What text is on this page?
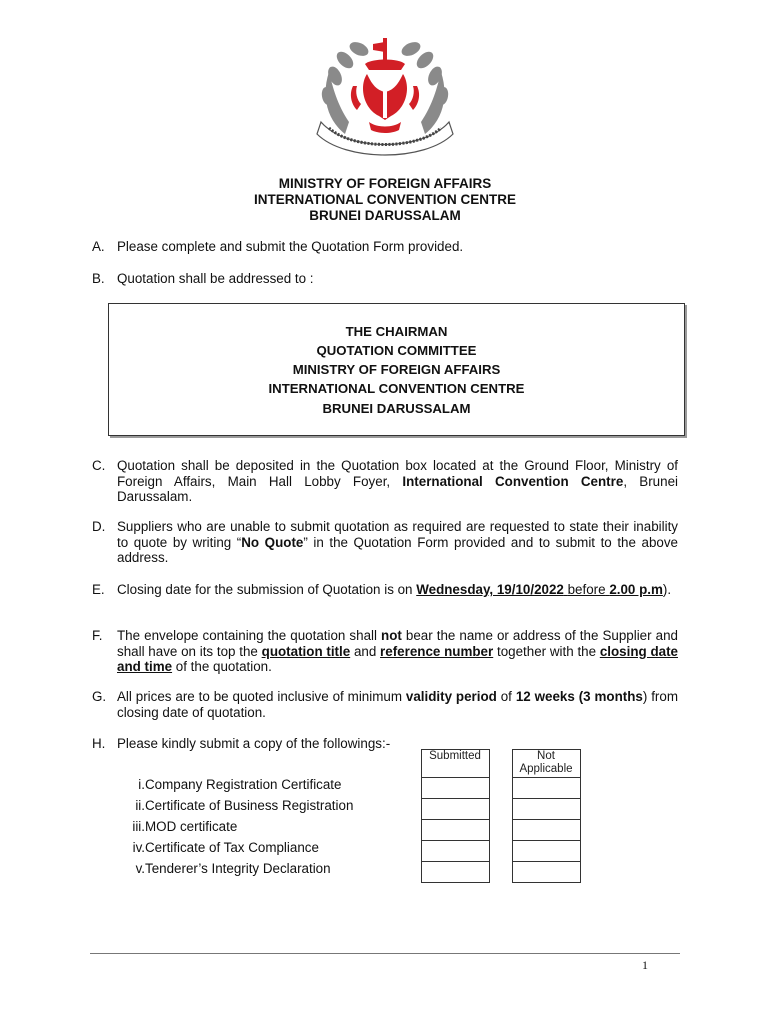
MINISTRY OF FOREIGN AFFAIRS
INTERNATIONAL CONVENTION CENTRE
BRUNEI DARUSSALAM
A. Please complete and submit the Quotation Form provided.
B. Quotation shall be addressed to :
THE CHAIRMAN
QUOTATION COMMITTEE
MINISTRY OF FOREIGN AFFAIRS
INTERNATIONAL CONVENTION CENTRE
BRUNEI DARUSSALAM
C. Quotation shall be deposited in the Quotation box located at the Ground Floor, Ministry of Foreign Affairs, Main Hall Lobby Foyer, International Convention Centre, Brunei Darussalam.
D. Suppliers who are unable to submit quotation as required are requested to state their inability to quote by writing “No Quote” in the Quotation Form provided and to submit to the above address.
E. Closing date for the submission of Quotation is on Wednesday, 19/10/2022 before 2.00 p.m).
F. The envelope containing the quotation shall not bear the name or address of the Supplier and shall have on its top the quotation title and reference number together with the closing date and time of the quotation.
G. All prices are to be quoted inclusive of minimum validity period of 12 weeks (3 months) from closing date of quotation.
H. Please kindly submit a copy of the followings:-
Submitted	Not
Applicable
i. Company Registration Certificate
ii. Certificate of Business Registration
iii. MOD certificate
iv. Certificate of Tax Compliance
v. Tenderer’s Integrity Declaration
1
